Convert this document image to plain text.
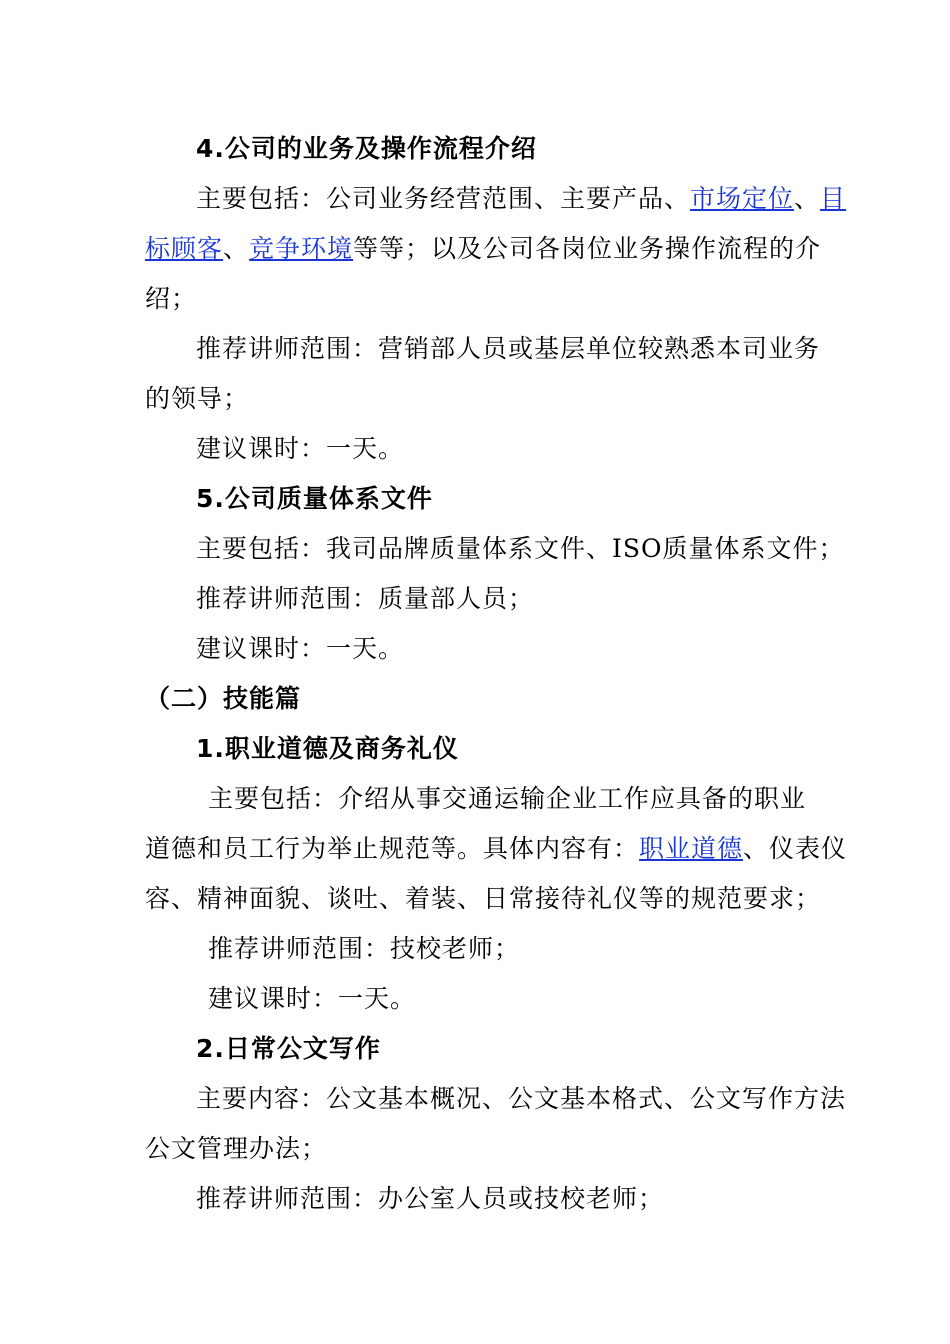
4.公司的业务及操作流程介绍
主要包括：公司业务经营范围、主要产品、市场定位、目
标顾客、竞争环境等等；以及公司各岗位业务操作流程的介
绍；
推荐讲师范围：营销部人员或基层单位较熟悉本司业务
的领导；
建议课时：一天。
5.公司质量体系文件
主要包括：我司品牌质量体系文件、ISO质量体系文件；
推荐讲师范围：质量部人员；
建议课时：一天。
（二）技能篇
1.职业道德及商务礼仪
主要包括：介绍从事交通运输企业工作应具备的职业
道德和员工行为举止规范等。具体内容有：职业道德、仪表仪
容、精神面貌、谈吐、着装、日常接待礼仪等的规范要求；
推荐讲师范围：技校老师；
建议课时：一天。
2.日常公文写作
主要内容：公文基本概况、公文基本格式、公文写作方法
公文管理办法；
推荐讲师范围：办公室人员或技校老师；
